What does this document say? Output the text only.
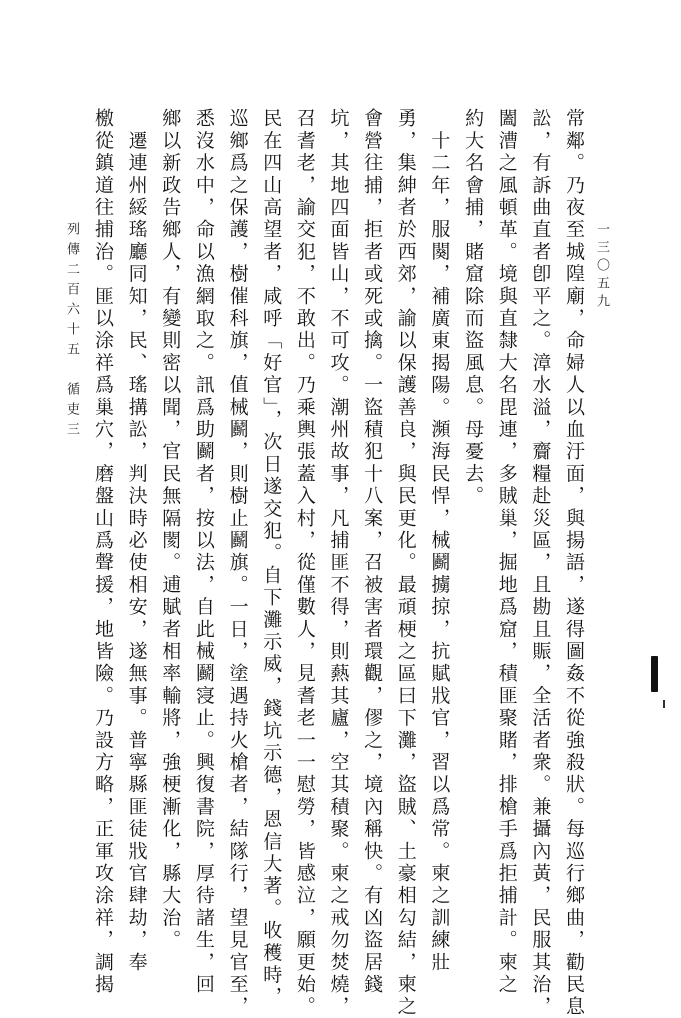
一三〇五九
常鄰。乃夜至城隍廟，命婦人以血汙面，與揚語，遂得圖姦不從強殺狀。每巡行鄉曲，勸民息
訟，有訴曲直者卽平之。漳水溢，齎糧赴災區，且勘且賑，全活者衆。兼攝內黃，民服其治，
闔漕之風頓革。境與直隸大名毘連，多賊巢，掘地爲窟，積匪聚賭，排槍手爲拒捕計。柬之
約大名會捕，賭窟除而盜風息。母憂去。
　十二年，服闋，補廣東揭陽。瀕海民悍，械鬬擄掠，抗賦戕官，習以爲常。柬之訓練壯
勇，集紳者於西郊，諭以保護善良，與民更化。最頑梗之區曰下灘，盜賊、土豪相勾結，柬之
會營往捕，拒者或死或擒。一盜積犯十八案，召被害者環觀，僇之，境內稱快。有凶盜居錢
坑，其地四面皆山，不可攻。潮州故事，凡捕匪不得，則爇其廬，空其積聚。柬之戒勿焚燒，
召耆老，諭交犯，不敢出。乃乘輿張蓋入村，從僅數人，見耆老一一慰勞，皆感泣，願更始。
民在四山高望者，咸呼「好官」，次日遂交犯。自下灘示威，錢坑示德，恩信大著。收穫時，
巡鄉爲之保護，樹催科旗，值械鬬，則樹止鬬旗。一日，塗遇持火槍者，結隊行，望見官至，
悉沒水中，命以漁網取之。訊爲助鬬者，按以法，自此械鬬寖止。興復書院，厚待諸生，回
鄉以新政告鄉人，有變則密以聞，官民無隔閡。逋賦者相率輸將，強梗漸化，縣大治。
　遷連州綏瑤廳同知，民、瑤搆訟，判決時必使相安，遂無事。普寧縣匪徒戕官肆劫，奉
檄從鎮道往捕治。匪以涂祥爲巢穴，磨盤山爲聲援，地皆險。乃設方略，正軍攻涂祥，調揭
列傳二百六十五　循吏三
